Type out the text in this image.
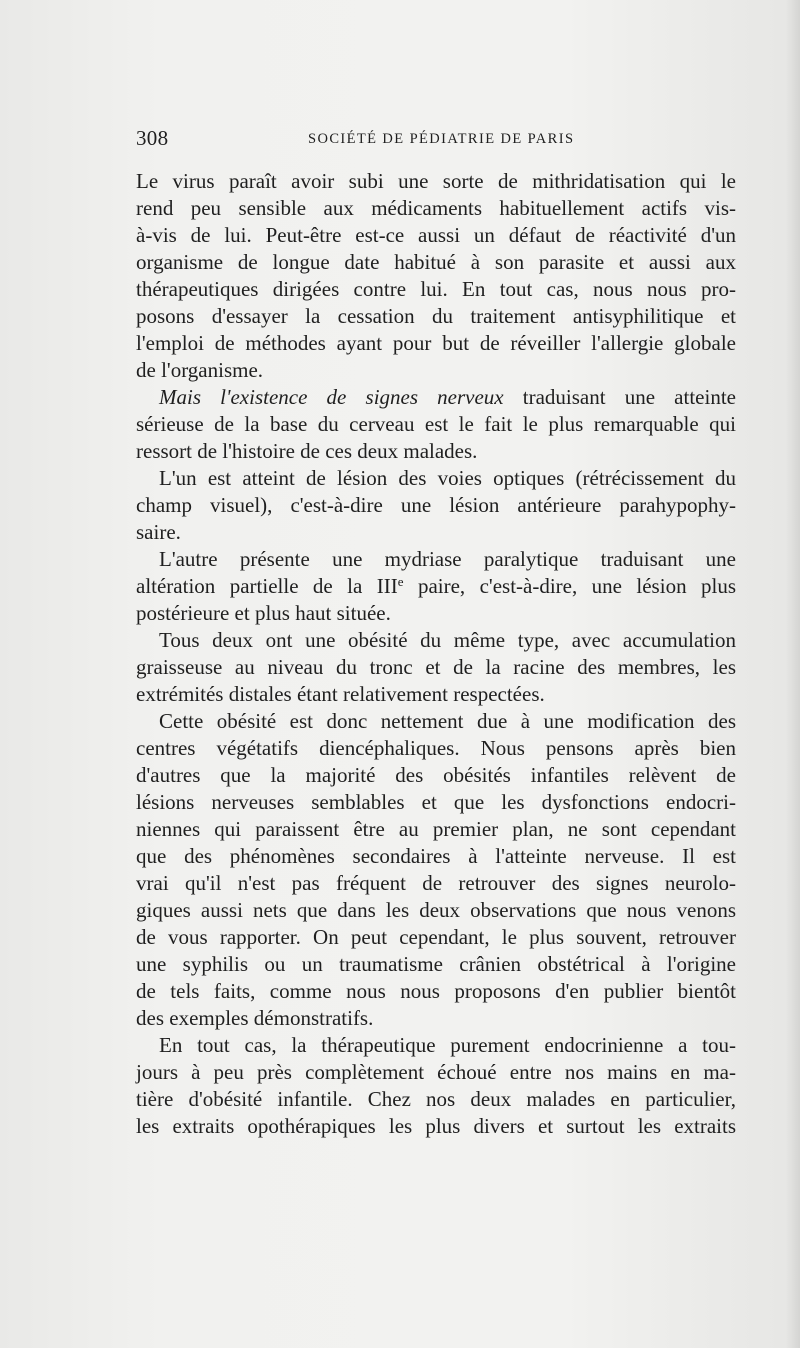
308	SOCIÉTÉ DE PÉDIATRIE DE PARIS
Le virus paraît avoir subi une sorte de mithridatisation qui le
rend peu sensible aux médicaments habituellement actifs vis-
à-vis de lui. Peut-être est-ce aussi un défaut de réactivité d'un
organisme de longue date habitué à son parasite et aussi aux
thérapeutiques dirigées contre lui. En tout cas, nous nous pro-
posons d'essayer la cessation du traitement antisyphilitique et
l'emploi de méthodes ayant pour but de réveiller l'allergie globale
de l'organisme.
Mais l'existence de signes nerveux traduisant une atteinte
sérieuse de la base du cerveau est le fait le plus remarquable qui
ressort de l'histoire de ces deux malades.
L'un est atteint de lésion des voies optiques (rétrécissement du
champ visuel), c'est-à-dire une lésion antérieure parahypophy-
saire.
L'autre présente une mydriase paralytique traduisant une
altération partielle de la IIIe paire, c'est-à-dire, une lésion plus
postérieure et plus haut située.
Tous deux ont une obésité du même type, avec accumulation
graisseuse au niveau du tronc et de la racine des membres, les
extrémités distales étant relativement respectées.
Cette obésité est donc nettement due à une modification des
centres végétatifs diencéphaliques. Nous pensons après bien
d'autres que la majorité des obésités infantiles relèvent de
lésions nerveuses semblables et que les dysfonctions endocri-
niennes qui paraissent être au premier plan, ne sont cependant
que des phénomènes secondaires à l'atteinte nerveuse. Il est
vrai qu'il n'est pas fréquent de retrouver des signes neurolo-
giques aussi nets que dans les deux observations que nous venons
de vous rapporter. On peut cependant, le plus souvent, retrouver
une syphilis ou un traumatisme crânien obstétrical à l'origine
de tels faits, comme nous nous proposons d'en publier bientôt
des exemples démonstratifs.
En tout cas, la thérapeutique purement endocrinienne a tou-
jours à peu près complètement échoué entre nos mains en ma-
tière d'obésité infantile. Chez nos deux malades en particulier,
les extraits opothérapiques les plus divers et surtout les extraits
